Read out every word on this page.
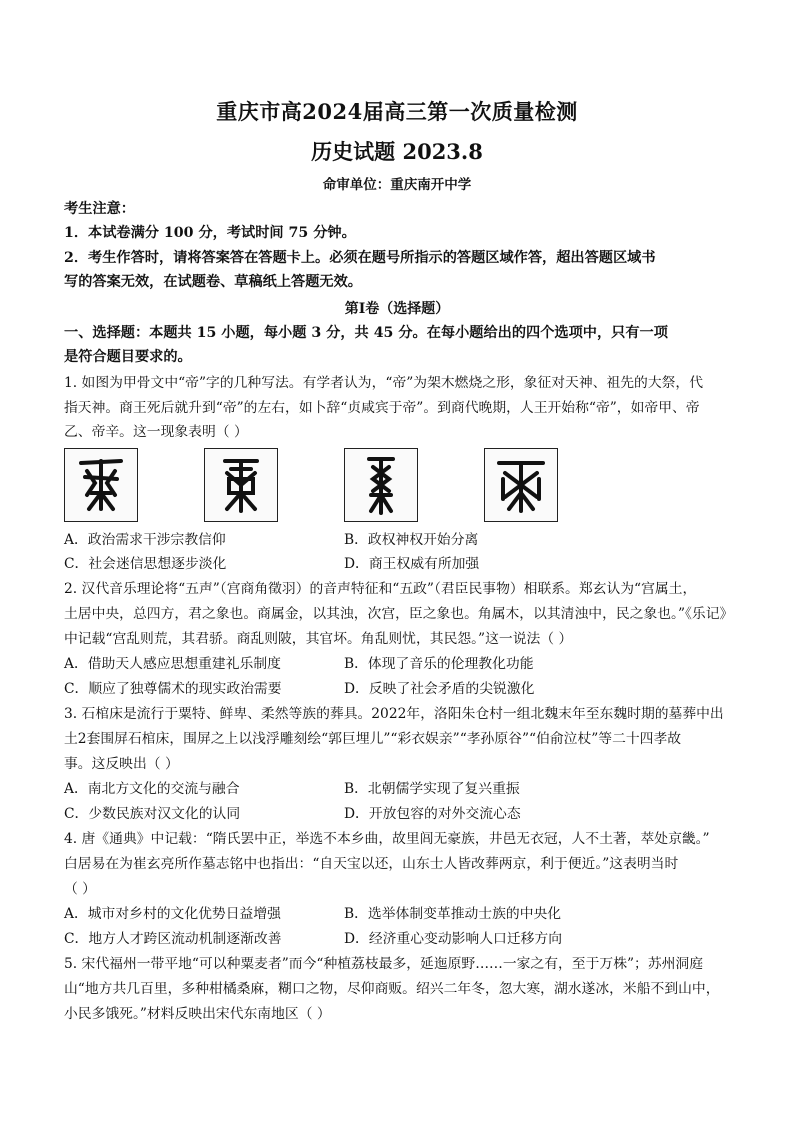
重庆市高2024届高三第一次质量检测
历史试题 2023.8
命审单位：重庆南开中学
考生注意：
1．本试卷满分 100 分，考试时间 75 分钟。
2．考生作答时，请将答案答在答题卡上。必须在题号所指示的答题区域作答，超出答题区域书
写的答案无效，在试题卷、草稿纸上答题无效。
第Ⅰ卷（选择题）
一、选择题：本题共 15 小题，每小题 3 分，共 45 分。在每小题给出的四个选项中，只有一项
是符合题目要求的。
1. 如图为甲骨文中“帝”字的几种写法。有学者认为，“帝”为架木燃烧之形，象征对天神、祖先的大祭，代
指天神。商王死后就升到“帝”的左右，如卜辞“贞咸宾于帝”。到商代晚期，人王开始称“帝”，如帝甲、帝
乙、帝辛。这一现象表明（ ）
A．政治需求干涉宗教信仰	B．政权神权开始分离
C．社会迷信思想逐步淡化	D．商王权威有所加强
2. 汉代音乐理论将“五声”（宫商角徵羽）的音声特征和“五政”（君臣民事物）相联系。郑玄认为“宫属土，
土居中央，总四方，君之象也。商属金，以其浊，次宫，臣之象也。角属木，以其清浊中，民之象也。”《乐记》
中记载“宫乱则荒，其君骄。商乱则陂，其官坏。角乱则忧，其民怨。”这一说法（ ）
A．借助天人感应思想重建礼乐制度	B．体现了音乐的伦理教化功能
C．顺应了独尊儒术的现实政治需要	D．反映了社会矛盾的尖锐激化
3. 石棺床是流行于粟特、鲜卑、柔然等族的葬具。2022年，洛阳朱仓村一组北魏末年至东魏时期的墓葬中出
土2套围屏石棺床，围屏之上以浅浮雕刻绘“郭巨埋儿”“彩衣娱亲”“孝孙原谷”“伯俞泣杖”等二十四孝故
事。这反映出（ ）
A．南北方文化的交流与融合	B．北朝儒学实现了复兴重振
C．少数民族对汉文化的认同	D．开放包容的对外交流心态
4. 唐《通典》中记载：“隋氏罢中正，举选不本乡曲，故里闾无豪族，井邑无衣冠，人不土著，萃处京畿。”
白居易在为崔玄亮所作墓志铭中也指出：“自天宝以还，山东士人皆改葬两京，利于便近。”这表明当时
（ ）
A．城市对乡村的文化优势日益增强	B．选举体制变革推动士族的中央化
C．地方人才跨区流动机制逐渐改善	D．经济重心变动影响人口迁移方向
5. 宋代福州一带平地“可以种粟麦者”而今“种植荔枝最多，延迤原野……一家之有，至于万株”；苏州洞庭
山“地方共几百里，多种柑橘桑麻，糊口之物，尽仰商贩。绍兴二年冬，忽大寒，湖水遂冰，米船不到山中，
小民多饿死。”材料反映出宋代东南地区（ ）
